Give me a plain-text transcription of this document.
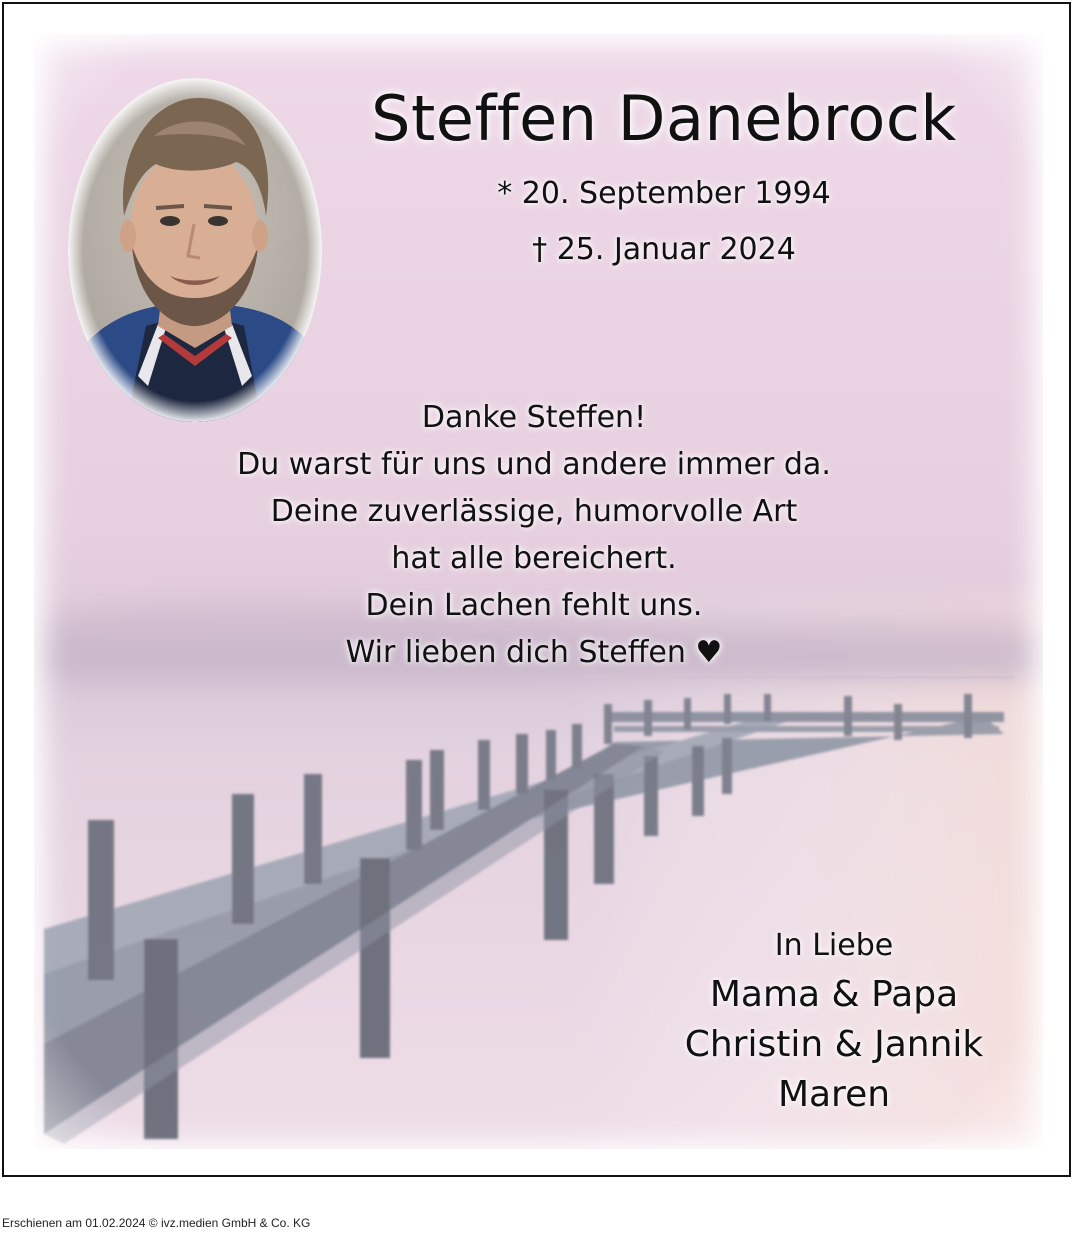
Steffen Danebrock
* 20. September 1994
† 25. Januar 2024
Danke Steffen!
Du warst für uns und andere immer da.
Deine zuverlässige, humorvolle Art
hat alle bereichert.
Dein Lachen fehlt uns.
Wir lieben dich Steffen ♥
In Liebe
Mama & Papa
Christin & Jannik
Maren
Erschienen am 01.02.2024 © ivz.medien GmbH & Co. KG
